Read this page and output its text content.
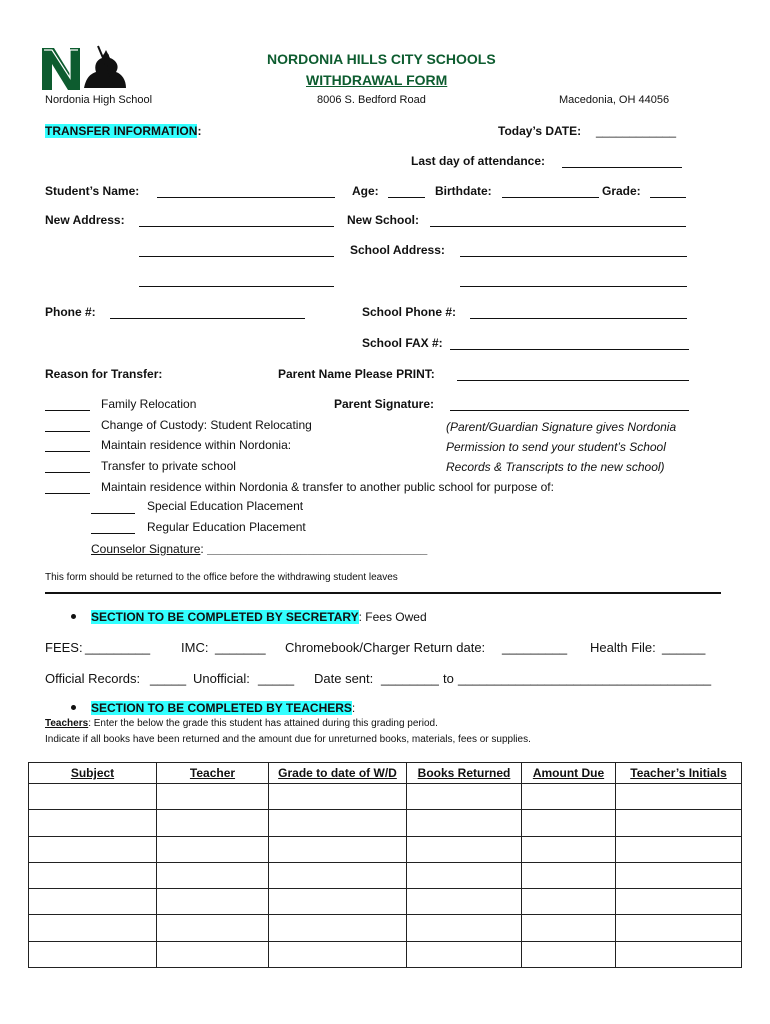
NORDONIA HILLS CITY SCHOOLS
WITHDRAWAL FORM
Nordonia High School	8006 S. Bedford Road	Macedonia, OH 44056
TRANSFER INFORMATION:	Today’s DATE: ____________
Last day of attendance:
Student’s Name:	Age:	Birthdate:	Grade:
New Address:	New School:
School Address:
Phone #:	School Phone #:
School FAX #:
Reason for Transfer:	Parent Name Please PRINT:
Family Relocation	Parent Signature:
Change of Custody: Student Relocating	(Parent/Guardian Signature gives Nordonia
Maintain residence within Nordonia:	Permission to send your student’s School
Transfer to private school	Records & Transcripts to the new school)
Maintain residence within Nordonia & transfer to another public school for purpose of:
Special Education Placement
Regular Education Placement
Counselor Signature: _________________________________
This form should be returned to the office before the withdrawing student leaves
SECTION TO BE COMPLETED BY SECRETARY: Fees Owed
FEES: _________ IMC: _______ Chromebook/Charger Return date: _________ Health File: ______
Official Records: _____ Unofficial: _____ Date sent: ________ to ___________________________________
SECTION TO BE COMPLETED BY TEACHERS:
Teachers: Enter the below the grade this student has attained during this grading period.
Indicate if all books have been returned and the amount due for unreturned books, materials, fees or supplies.
Subject	Teacher	Grade to date of W/D	Books Returned	Amount Due	Teacher’s Initials
